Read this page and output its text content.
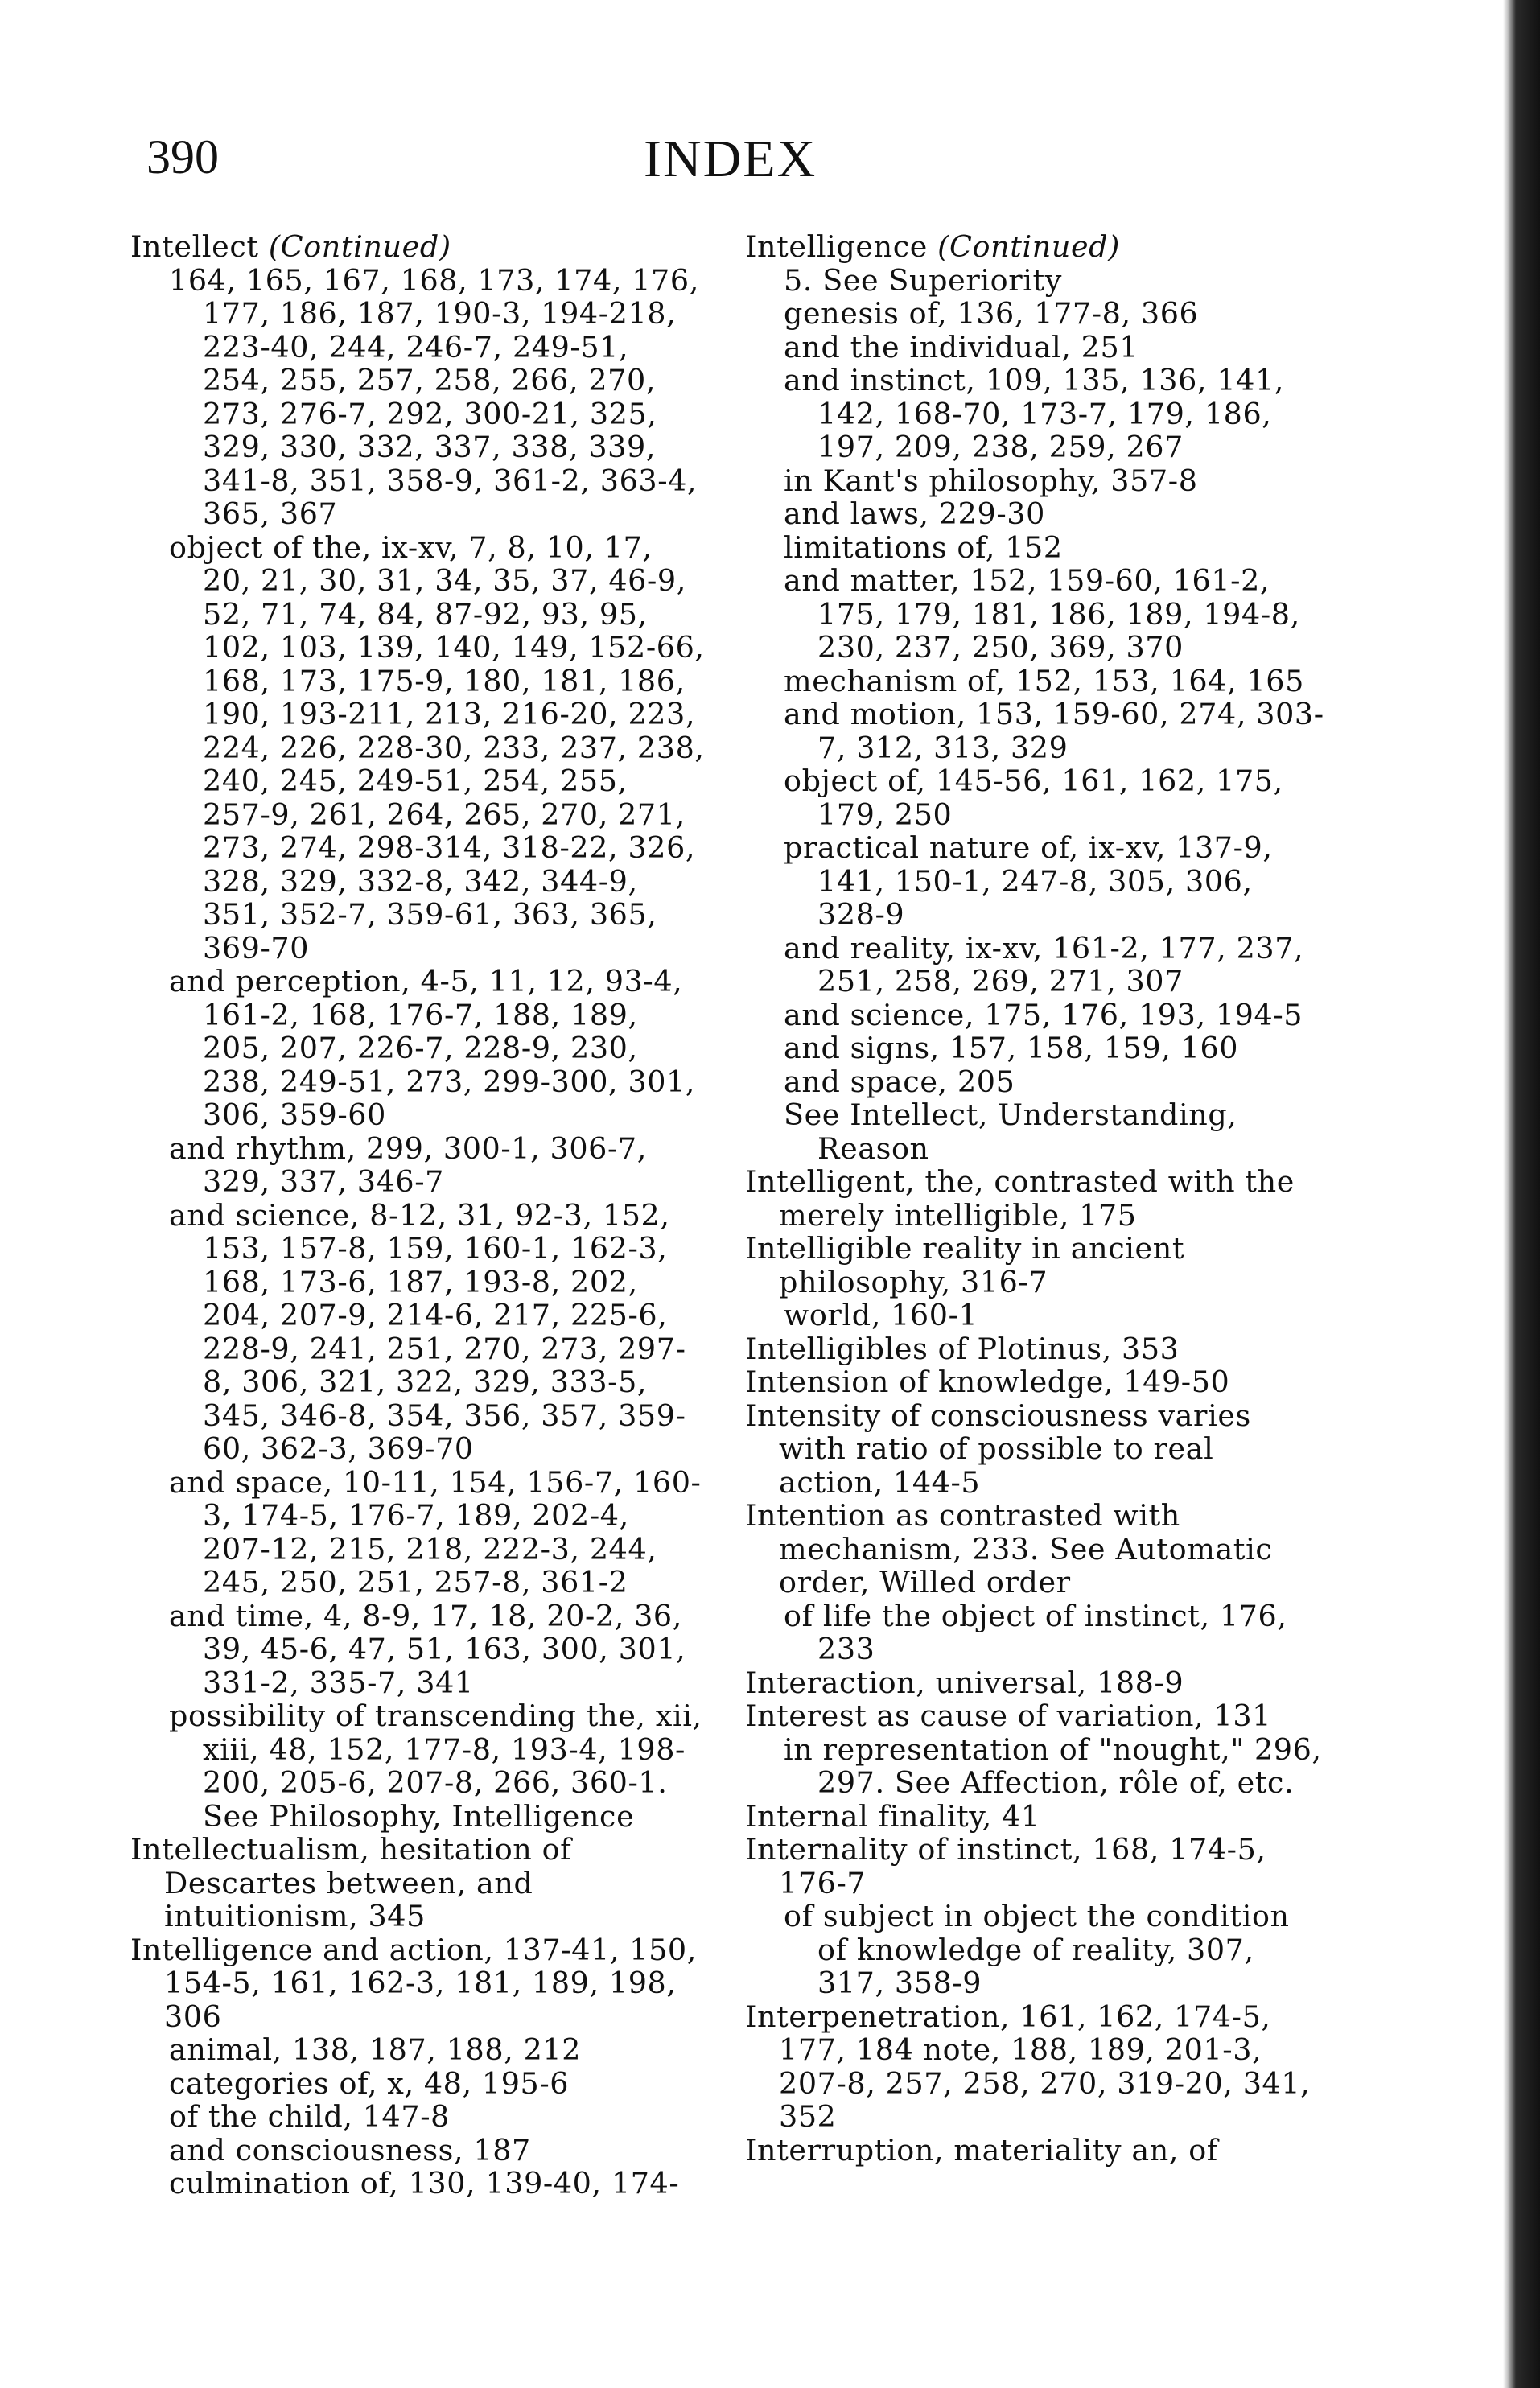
390	INDEX
Intellect (Continued)
164, 165, 167, 168, 173, 174, 176, 177, 186, 187, 190-3, 194-218, 223-40, 244, 246-7, 249-51, 254, 255, 257, 258, 266, 270, 273, 276-7, 292, 300-21, 325, 329, 330, 332, 337, 338, 339, 341-8, 351, 358-9, 361-2, 363-4, 365, 367
object of the, ix-xv, 7, 8, 10, 17, 20, 21, 30, 31, 34, 35, 37, 46-9, 52, 71, 74, 84, 87-92, 93, 95, 102, 103, 139, 140, 149, 152-66, 168, 173, 175-9, 180, 181, 186, 190, 193-211, 213, 216-20, 223, 224, 226, 228-30, 233, 237, 238, 240, 245, 249-51, 254, 255, 257-9, 261, 264, 265, 270, 271, 273, 274, 298-314, 318-22, 326, 328, 329, 332-8, 342, 344-9, 351, 352-7, 359-61, 363, 365, 369-70
and perception, 4-5, 11, 12, 93-4, 161-2, 168, 176-7, 188, 189, 205, 207, 226-7, 228-9, 230, 238, 249-51, 273, 299-300, 301, 306, 359-60
and rhythm, 299, 300-1, 306-7, 329, 337, 346-7
and science, 8-12, 31, 92-3, 152, 153, 157-8, 159, 160-1, 162-3, 168, 173-6, 187, 193-8, 202, 204, 207-9, 214-6, 217, 225-6, 228-9, 241, 251, 270, 273, 297-8, 306, 321, 322, 329, 333-5, 345, 346-8, 354, 356, 357, 359-60, 362-3, 369-70
and space, 10-11, 154, 156-7, 160-3, 174-5, 176-7, 189, 202-4, 207-12, 215, 218, 222-3, 244, 245, 250, 251, 257-8, 361-2
and time, 4, 8-9, 17, 18, 20-2, 36, 39, 45-6, 47, 51, 163, 300, 301, 331-2, 335-7, 341
possibility of transcending the, xii, xiii, 48, 152, 177-8, 193-4, 198-200, 205-6, 207-8, 266, 360-1. See Philosophy, Intelligence
Intellectualism, hesitation of Descartes between, and intuitionism, 345
Intelligence and action, 137-41, 150, 154-5, 161, 162-3, 181, 189, 198, 306
animal, 138, 187, 188, 212
categories of, x, 48, 195-6
of the child, 147-8
and consciousness, 187
culmination of, 130, 139-40, 174-
Intelligence (Continued)
5. See Superiority
genesis of, 136, 177-8, 366
and the individual, 251
and instinct, 109, 135, 136, 141, 142, 168-70, 173-7, 179, 186, 197, 209, 238, 259, 267
in Kant's philosophy, 357-8
and laws, 229-30
limitations of, 152
and matter, 152, 159-60, 161-2, 175, 179, 181, 186, 189, 194-8, 230, 237, 250, 369, 370
mechanism of, 152, 153, 164, 165
and motion, 153, 159-60, 274, 303-7, 312, 313, 329
object of, 145-56, 161, 162, 175, 179, 250
practical nature of, ix-xv, 137-9, 141, 150-1, 247-8, 305, 306, 328-9
and reality, ix-xv, 161-2, 177, 237, 251, 258, 269, 271, 307
and science, 175, 176, 193, 194-5
and signs, 157, 158, 159, 160
and space, 205
See Intellect, Understanding, Reason
Intelligent, the, contrasted with the merely intelligible, 175
Intelligible reality in ancient philosophy, 316-7
world, 160-1
Intelligibles of Plotinus, 353
Intension of knowledge, 149-50
Intensity of consciousness varies with ratio of possible to real action, 144-5
Intention as contrasted with mechanism, 233. See Automatic order, Willed order
of life the object of instinct, 176, 233
Interaction, universal, 188-9
Interest as cause of variation, 131
in representation of "nought," 296, 297. See Affection, rôle of, etc.
Internal finality, 41
Internality of instinct, 168, 174-5, 176-7
of subject in object the condition of knowledge of reality, 307, 317, 358-9
Interpenetration, 161, 162, 174-5, 177, 184 note, 188, 189, 201-3, 207-8, 257, 258, 270, 319-20, 341, 352
Interruption, materiality an, of
